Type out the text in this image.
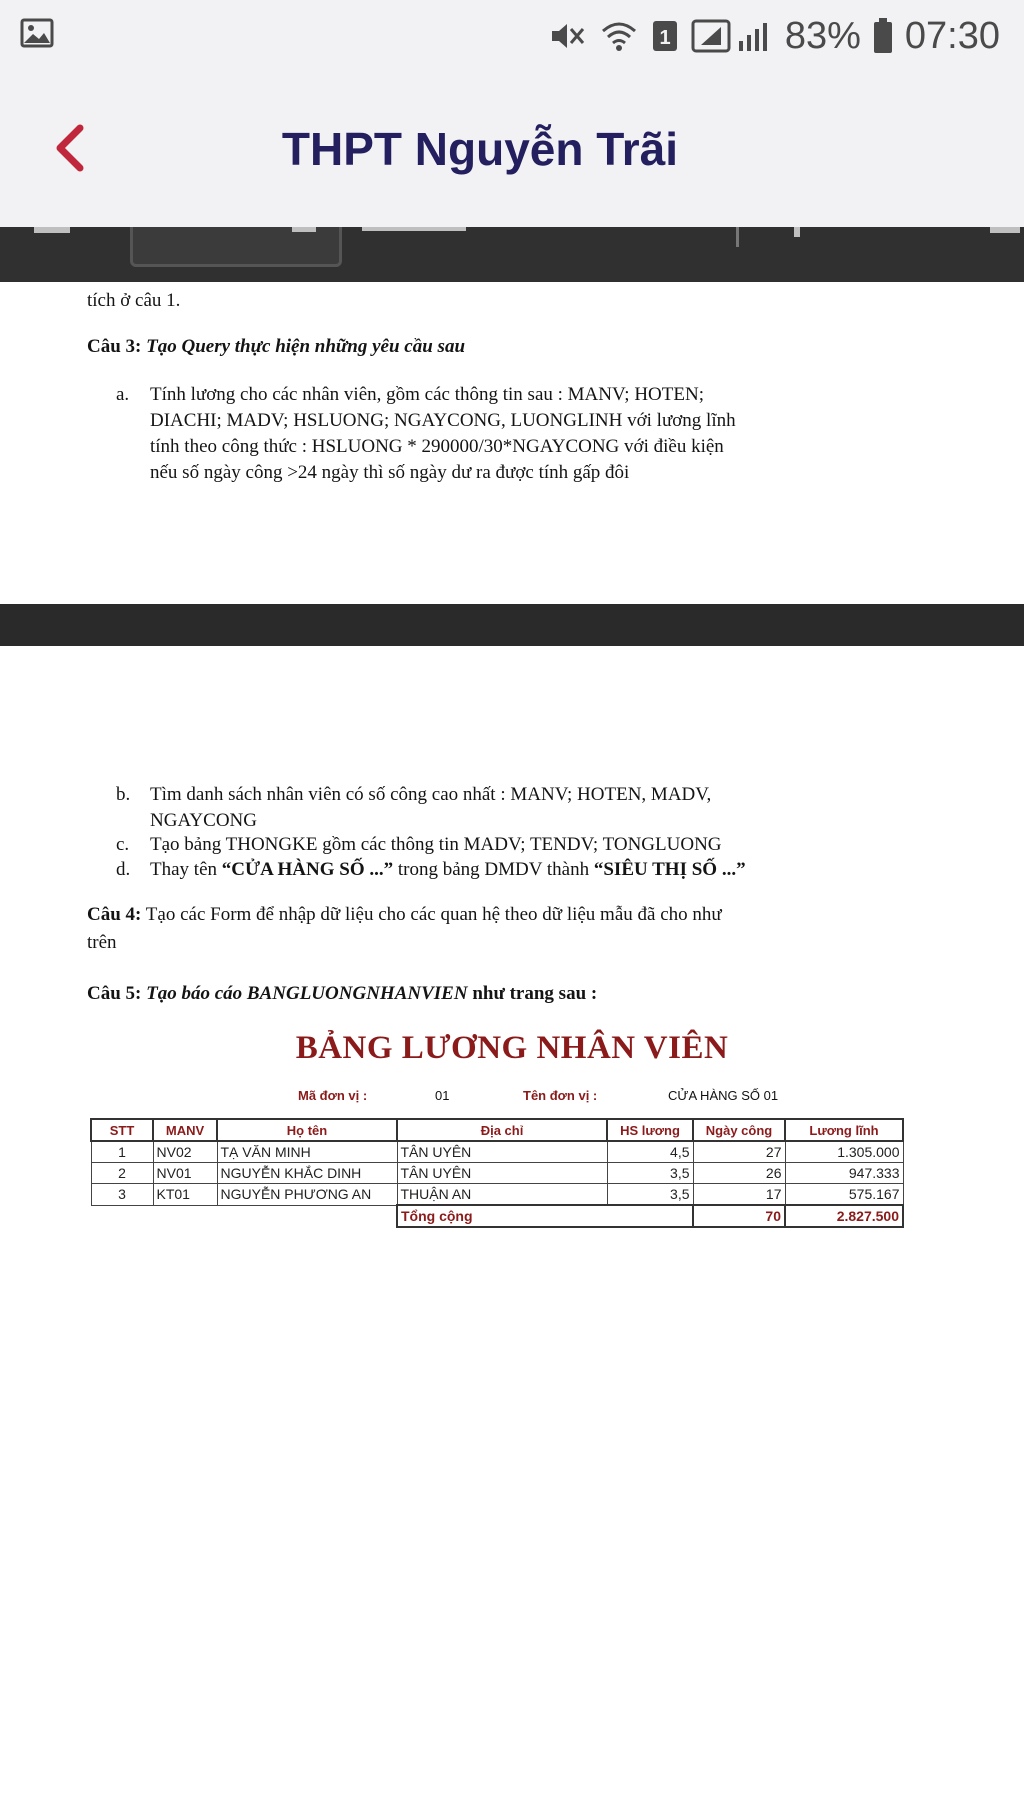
1	83% 07:30
THPT Nguyễn Trãi
tích ở câu 1.
Câu 3: Tạo Query thực hiện những yêu cầu sau
a. Tính lương cho các nhân viên, gồm các thông tin sau : MANV; HOTEN;
DIACHI; MADV; HSLUONG; NGAYCONG, LUONGLINH với lương lĩnh
tính theo công thức : HSLUONG * 290000/30*NGAYCONG với điều kiện
nếu số ngày công >24 ngày thì số ngày dư ra được tính gấp đôi
b. Tìm danh sách nhân viên có số công cao nhất : MANV; HOTEN, MADV,
NGAYCONG
c. Tạo bảng THONGKE gồm các thông tin MADV; TENDV; TONGLUONG
d. Thay tên “CỬA HÀNG SỐ ...” trong bảng DMDV thành “SIÊU THỊ SỐ ...”
Câu 4: Tạo các Form để nhập dữ liệu cho các quan hệ theo dữ liệu mẫu đã cho như
trên
Câu 5: Tạo báo cáo BANGLUONGNHANVIEN như trang sau :
BẢNG LƯƠNG NHÂN VIÊN
Mã đơn vị :	01	Tên đơn vị :	CỬA HÀNG SỐ 01
STT	MANV	Họ tên	Địa chỉ	HS lương	Ngày công	Lương lĩnh
1	NV02	TẠ VĂN MINH	TÂN UYÊN	4,5	27	1.305.000
2	NV01	NGUYỄN KHẮC DINH	TÂN UYÊN	3,5	26	947.333
3	KT01	NGUYỄN PHƯƠNG AN	THUẬN AN	3,5	17	575.167
			Tổng cộng		70	2.827.500
